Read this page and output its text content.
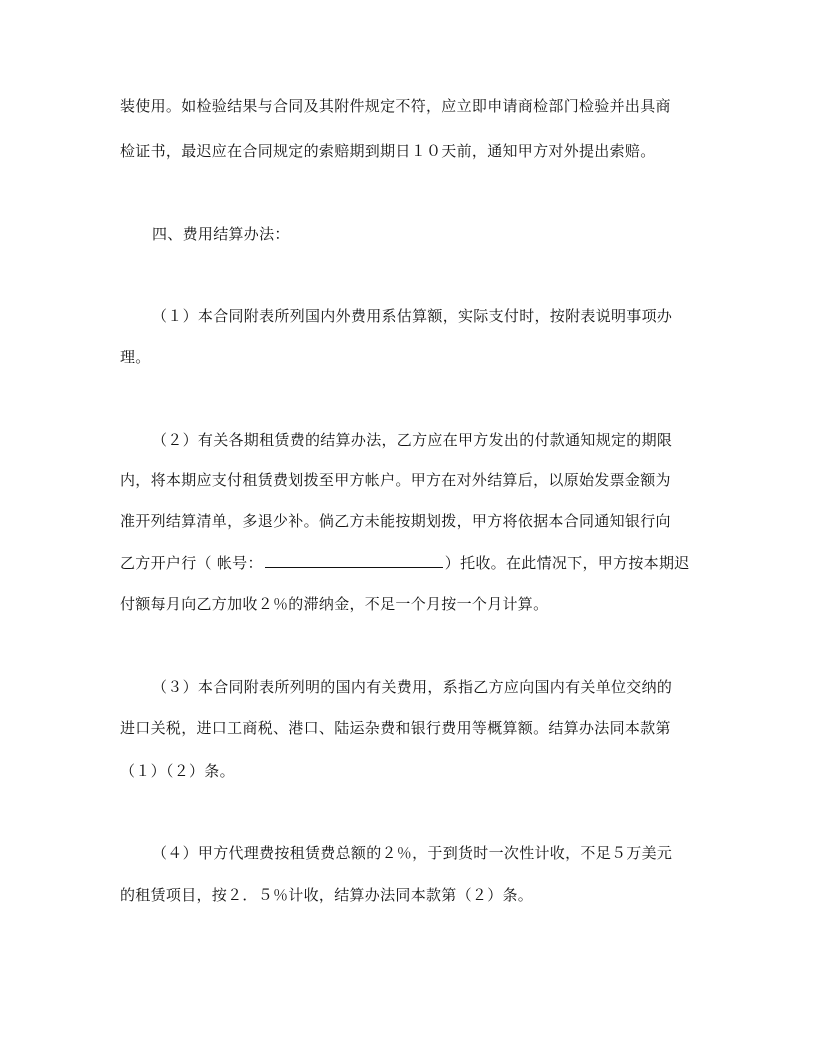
装使用。如检验结果与合同及其附件规定不符，应立即申请商检部门检验并出具商
检证书，最迟应在合同规定的索赔期到期日１０天前，通知甲方对外提出索赔。
四、费用结算办法：
（１）本合同附表所列国内外费用系估算额，实际支付时，按附表说明事项办
理。
（２）有关各期租赁费的结算办法，乙方应在甲方发出的付款通知规定的期限
内，将本期应支付租赁费划拨至甲方帐户。甲方在对外结算后，以原始发票金额为
准开列结算清单，多退少补。倘乙方未能按期划拨，甲方将依据本合同通知银行向
乙方开户行（ 帐号：	）托收。在此情况下，甲方按本期迟
付额每月向乙方加收２％的滞纳金，不足一个月按一个月计算。
（３）本合同附表所列明的国内有关费用，系指乙方应向国内有关单位交纳的
进口关税，进口工商税、港口、陆运杂费和银行费用等概算额。结算办法同本款第
（１）（２）条。
（４）甲方代理费按租赁费总额的２％，于到货时一次性计收，不足５万美元
的租赁项目，按２．５％计收，结算办法同本款第（２）条。
